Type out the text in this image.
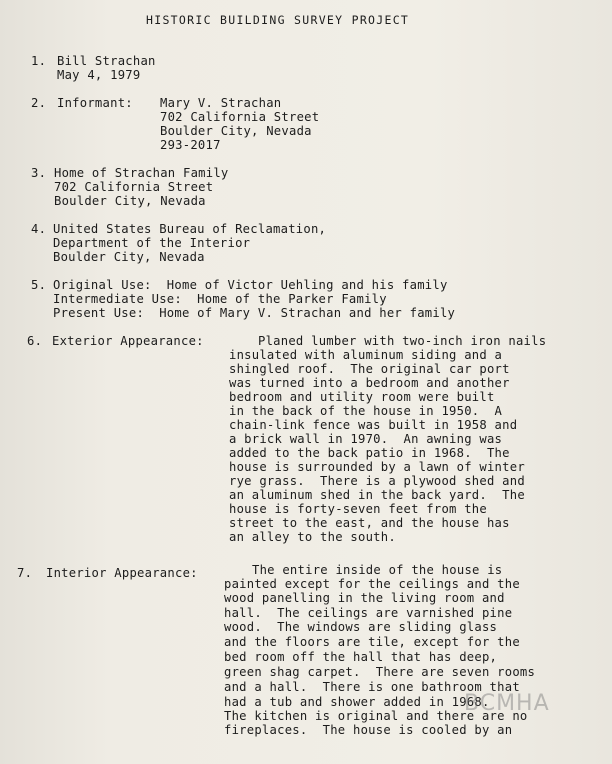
HISTORIC BUILDING SURVEY PROJECT
1. Bill Strachan
May 4, 1979
2. Informant: Mary V. Strachan
702 California Street
Boulder City, Nevada
293-2017
3. Home of Strachan Family
702 California Street
Boulder City, Nevada
4. United States Bureau of Reclamation,
Department of the Interior
Boulder City, Nevada
5. Original Use:  Home of Victor Uehling and his family
Intermediate Use:  Home of the Parker Family
Present Use:  Home of Mary V. Strachan and her family
6. Exterior Appearance:	Planed lumber with two-inch iron nails
insulated with aluminum siding and a
shingled roof.  The original car port
was turned into a bedroom and another
bedroom and utility room were built
in the back of the house in 1950.  A
chain-link fence was built in 1958 and
a brick wall in 1970.  An awning was
added to the back patio in 1968.  The
house is surrounded by a lawn of winter
rye grass.  There is a plywood shed and
an aluminum shed in the back yard.  The
house is forty-seven feet from the
street to the east, and the house has
an alley to the south.
7. Interior Appearance:	The entire inside of the house is
painted except for the ceilings and the
wood panelling in the living room and
hall.  The ceilings are varnished pine
wood.  The windows are sliding glass
and the floors are tile, except for the
bed room off the hall that has deep,
green shag carpet.  There are seven rooms
and a hall.  There is one bathroom that
had a tub and shower added in 1968.
The kitchen is original and there are no
fireplaces.  The house is cooled by an
BCMHA
